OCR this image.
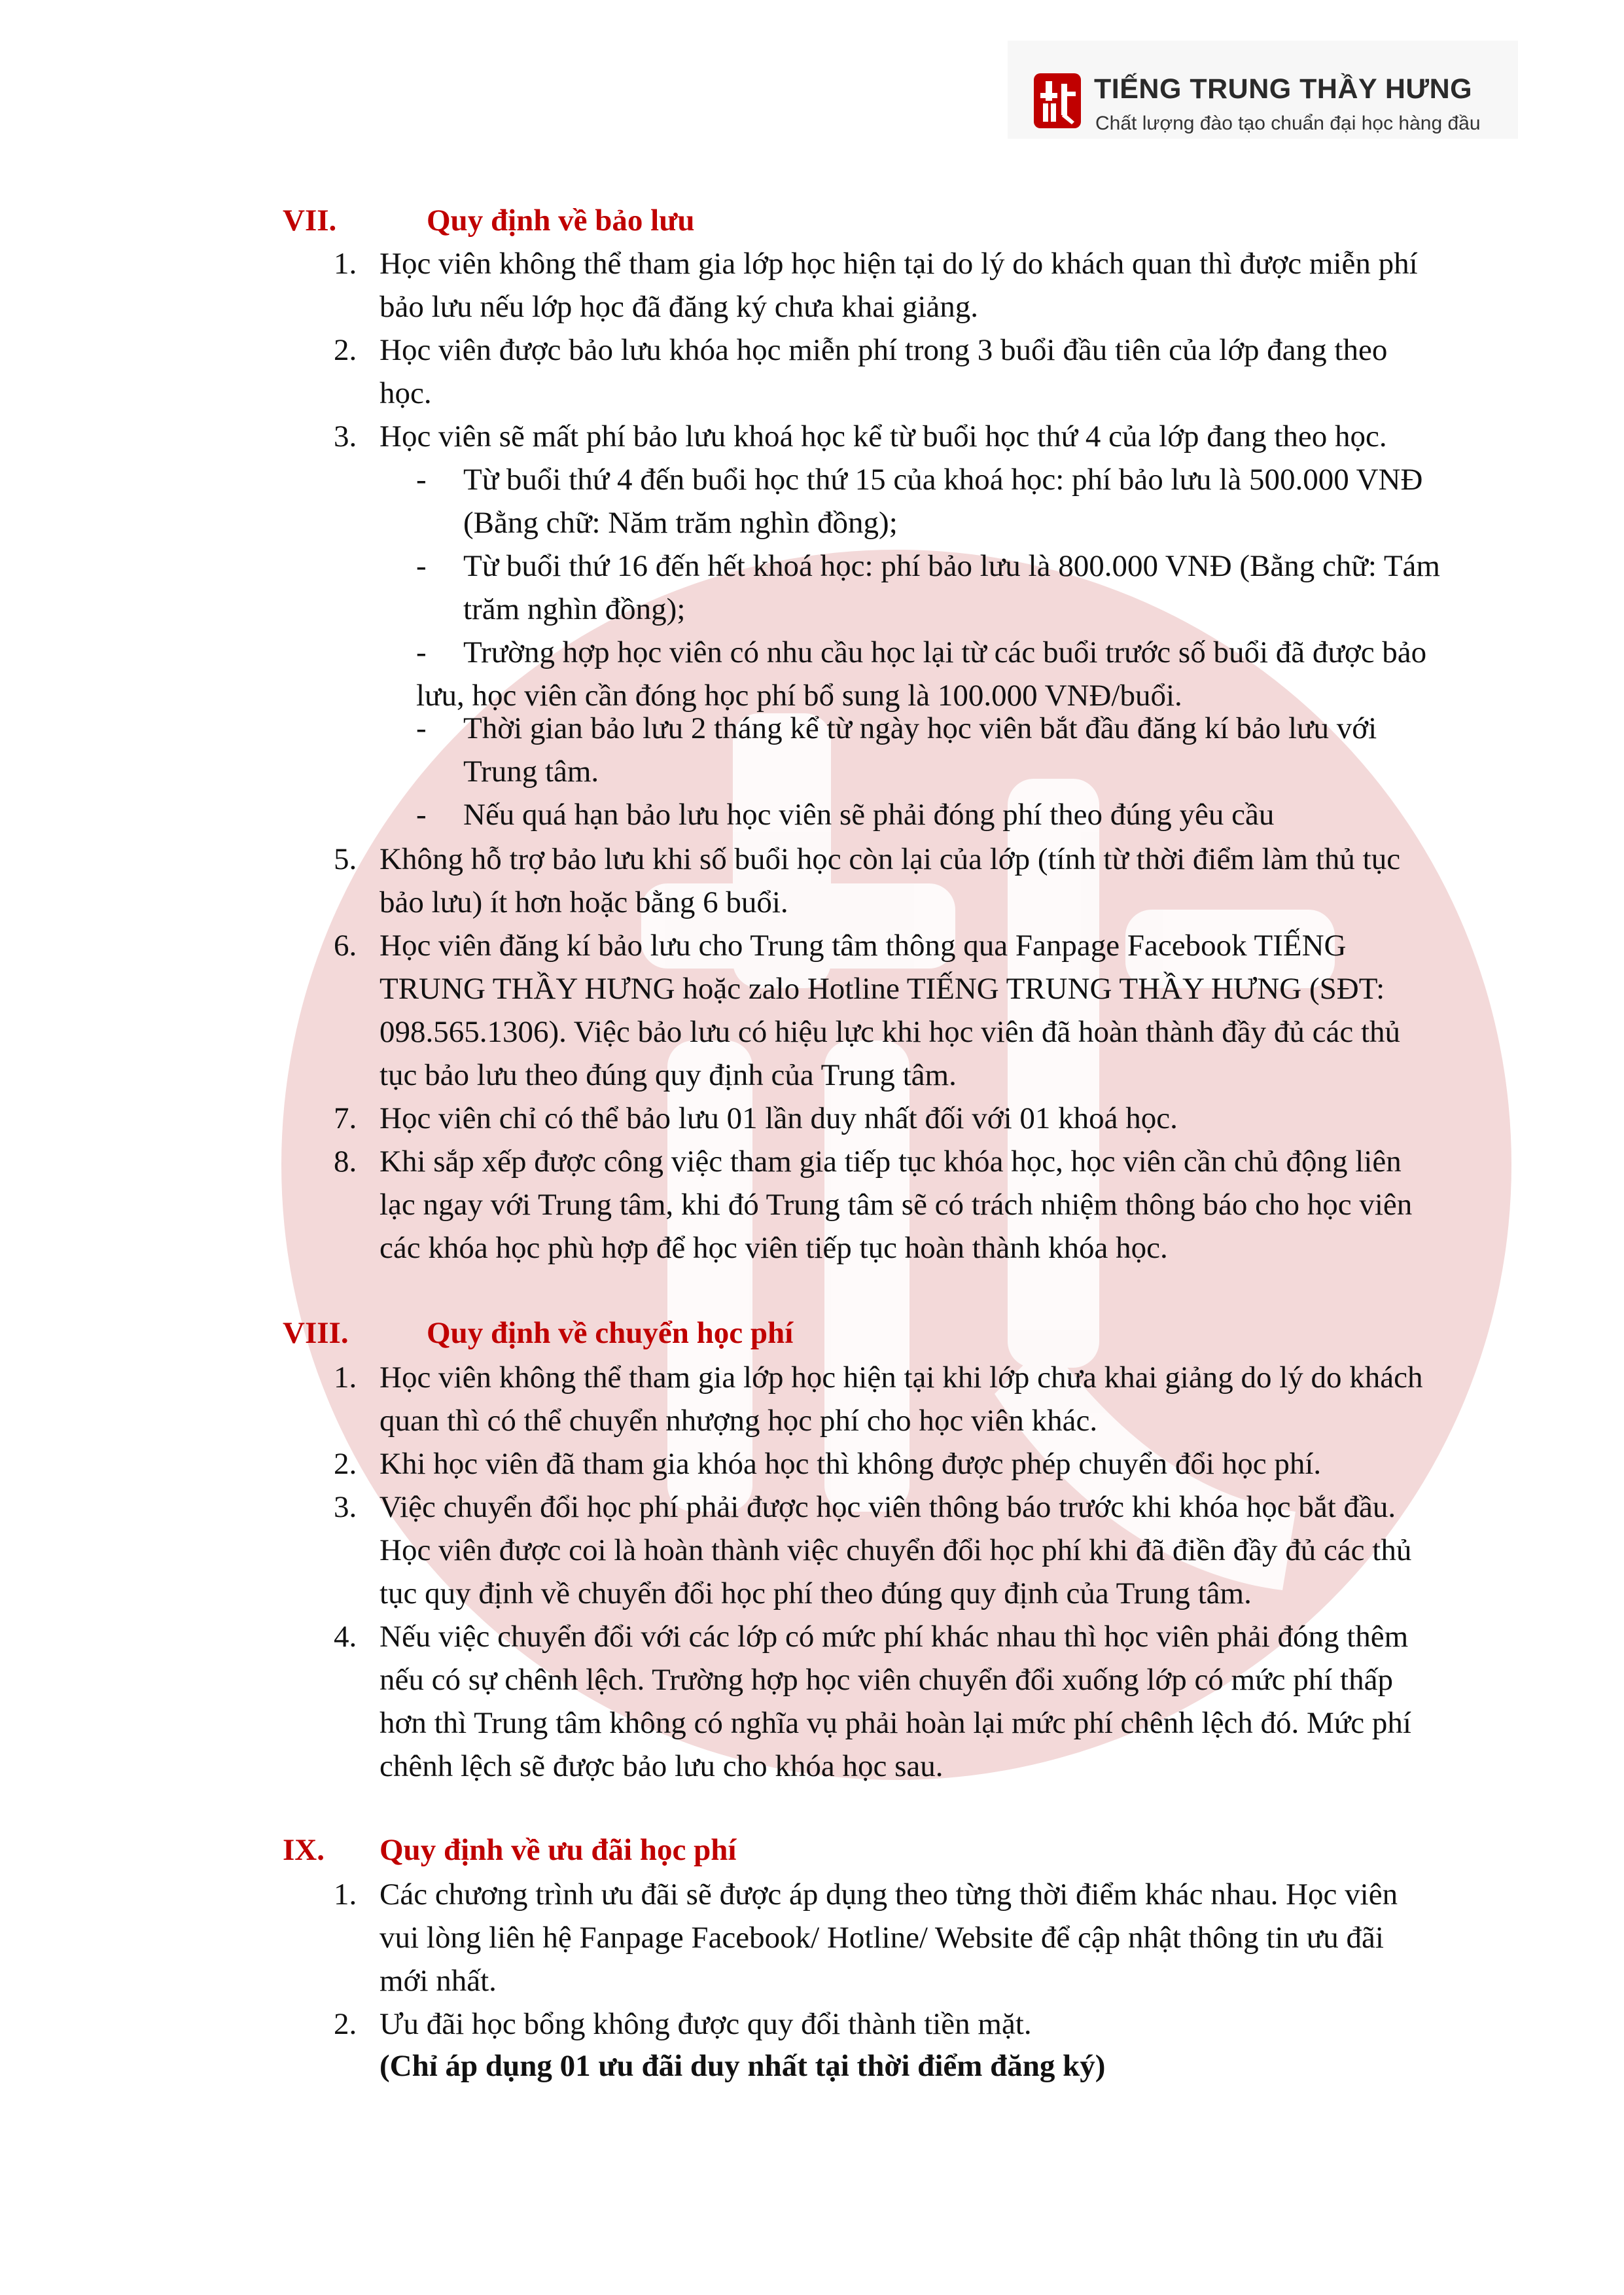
TIẾNG TRUNG THẦY HƯNG
Chất lượng đào tạo chuẩn đại học hàng đầu
VII.	Quy định về bảo lưu
1. Học viên không thể tham gia lớp học hiện tại do lý do khách quan thì được miễn phí
bảo lưu nếu lớp học đã đăng ký chưa khai giảng.
2. Học viên được bảo lưu khóa học miễn phí trong 3 buổi đầu tiên của lớp đang theo
học.
3. Học viên sẽ mất phí bảo lưu khoá học kể từ buổi học thứ 4 của lớp đang theo học.
- Từ buổi thứ 4 đến buổi học thứ 15 của khoá học: phí bảo lưu là 500.000 VNĐ
(Bằng chữ: Năm trăm nghìn đồng);
- Từ buổi thứ 16 đến hết khoá học: phí bảo lưu là 800.000 VNĐ (Bằng chữ: Tám
trăm nghìn đồng);
- Trường hợp học viên có nhu cầu học lại từ các buổi trước số buổi đã được bảo
lưu, học viên cần đóng học phí bổ sung là 100.000 VNĐ/buổi.
- Thời gian bảo lưu 2 tháng kể từ ngày học viên bắt đầu đăng kí bảo lưu với
Trung tâm.
- Nếu quá hạn bảo lưu học viên sẽ phải đóng phí theo đúng yêu cầu
5. Không hỗ trợ bảo lưu khi số buổi học còn lại của lớp (tính từ thời điểm làm thủ tục
bảo lưu) ít hơn hoặc bằng 6 buổi.
6. Học viên đăng kí bảo lưu cho Trung tâm thông qua Fanpage Facebook TIẾNG
TRUNG THẦY HƯNG hoặc zalo Hotline TIẾNG TRUNG THẦY HƯNG (SĐT:
098.565.1306). Việc bảo lưu có hiệu lực khi học viên đã hoàn thành đầy đủ các thủ
tục bảo lưu theo đúng quy định của Trung tâm.
7. Học viên chỉ có thể bảo lưu 01 lần duy nhất đối với 01 khoá học.
8. Khi sắp xếp được công việc tham gia tiếp tục khóa học, học viên cần chủ động liên
lạc ngay với Trung tâm, khi đó Trung tâm sẽ có trách nhiệm thông báo cho học viên
các khóa học phù hợp để học viên tiếp tục hoàn thành khóa học.
VIII.	Quy định về chuyển học phí
1. Học viên không thể tham gia lớp học hiện tại khi lớp chưa khai giảng do lý do khách
quan thì có thể chuyển nhượng học phí cho học viên khác.
2. Khi học viên đã tham gia khóa học thì không được phép chuyển đổi học phí.
3. Việc chuyển đổi học phí phải được học viên thông báo trước khi khóa học bắt đầu.
Học viên được coi là hoàn thành việc chuyển đổi học phí khi đã điền đầy đủ các thủ
tục quy định về chuyển đổi học phí theo đúng quy định của Trung tâm.
4. Nếu việc chuyển đổi với các lớp có mức phí khác nhau thì học viên phải đóng thêm
nếu có sự chênh lệch. Trường hợp học viên chuyển đổi xuống lớp có mức phí thấp
hơn thì Trung tâm không có nghĩa vụ phải hoàn lại mức phí chênh lệch đó. Mức phí
chênh lệch sẽ được bảo lưu cho khóa học sau.
IX. Quy định về ưu đãi học phí
1. Các chương trình ưu đãi sẽ được áp dụng theo từng thời điểm khác nhau. Học viên
vui lòng liên hệ Fanpage Facebook/ Hotline/ Website để cập nhật thông tin ưu đãi
mới nhất.
2. Ưu đãi học bổng không được quy đổi thành tiền mặt.
(Chỉ áp dụng 01 ưu đãi duy nhất tại thời điểm đăng ký)
